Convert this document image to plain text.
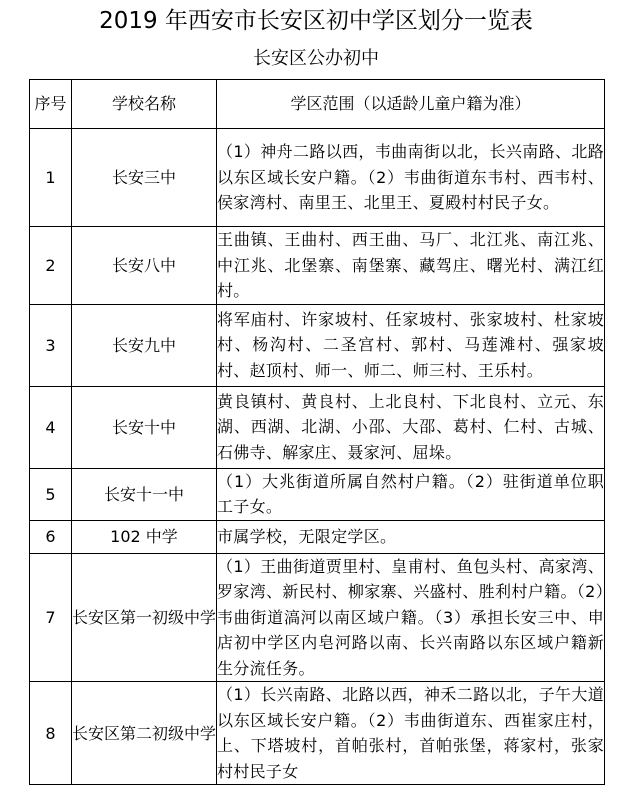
2019 年西安市长安区初中学区划分一览表
长安区公办初中
序号	学校名称	学区范围（以适龄儿童户籍为准）
1	长安三中	（1）神舟二路以西，韦曲南街以北，长兴南路、北路以东区域长安户籍。（2）韦曲街道东韦村、西韦村、侯家湾村、南里王、北里王、夏殿村村民子女。
2	长安八中	王曲镇、王曲村、西王曲、马厂、北江兆、南江兆、中江兆、北堡寨、南堡寨、藏驾庄、曙光村、满江红村。
3	长安九中	将军庙村、许家坡村、任家坡村、张家坡村、杜家坡村、杨沟村、二圣宫村、郭村、马莲滩村、强家坡村、赵顶村、师一、师二、师三村、王乐村。
4	长安十中	黄良镇村、黄良村、上北良村、下北良村、立元、东湖、西湖、北湖、小邵、大邵、葛村、仁村、古城、石佛寺、解家庄、聂家河、屈垛。
5	长安十一中	（1）大兆街道所属自然村户籍。（2）驻街道单位职工子女。
6	102 中学	市属学校，无限定学区。
7	长安区第一初级中学	（1）王曲街道贾里村、皇甫村、鱼包头村、高家湾、罗家湾、新民村、柳家寨、兴盛村、胜利村户籍。（2）韦曲街道滈河以南区域户籍。（3）承担长安三中、申店初中学区内皂河路以南、长兴南路以东区域户籍新生分流任务。
8	长安区第二初级中学	（1）长兴南路、北路以西，神禾二路以北，子午大道以东区域长安户籍。（2）韦曲街道东、西崔家庄村，上、下塔坡村，首帕张村，首帕张堡，蒋家村，张家村村民子女
